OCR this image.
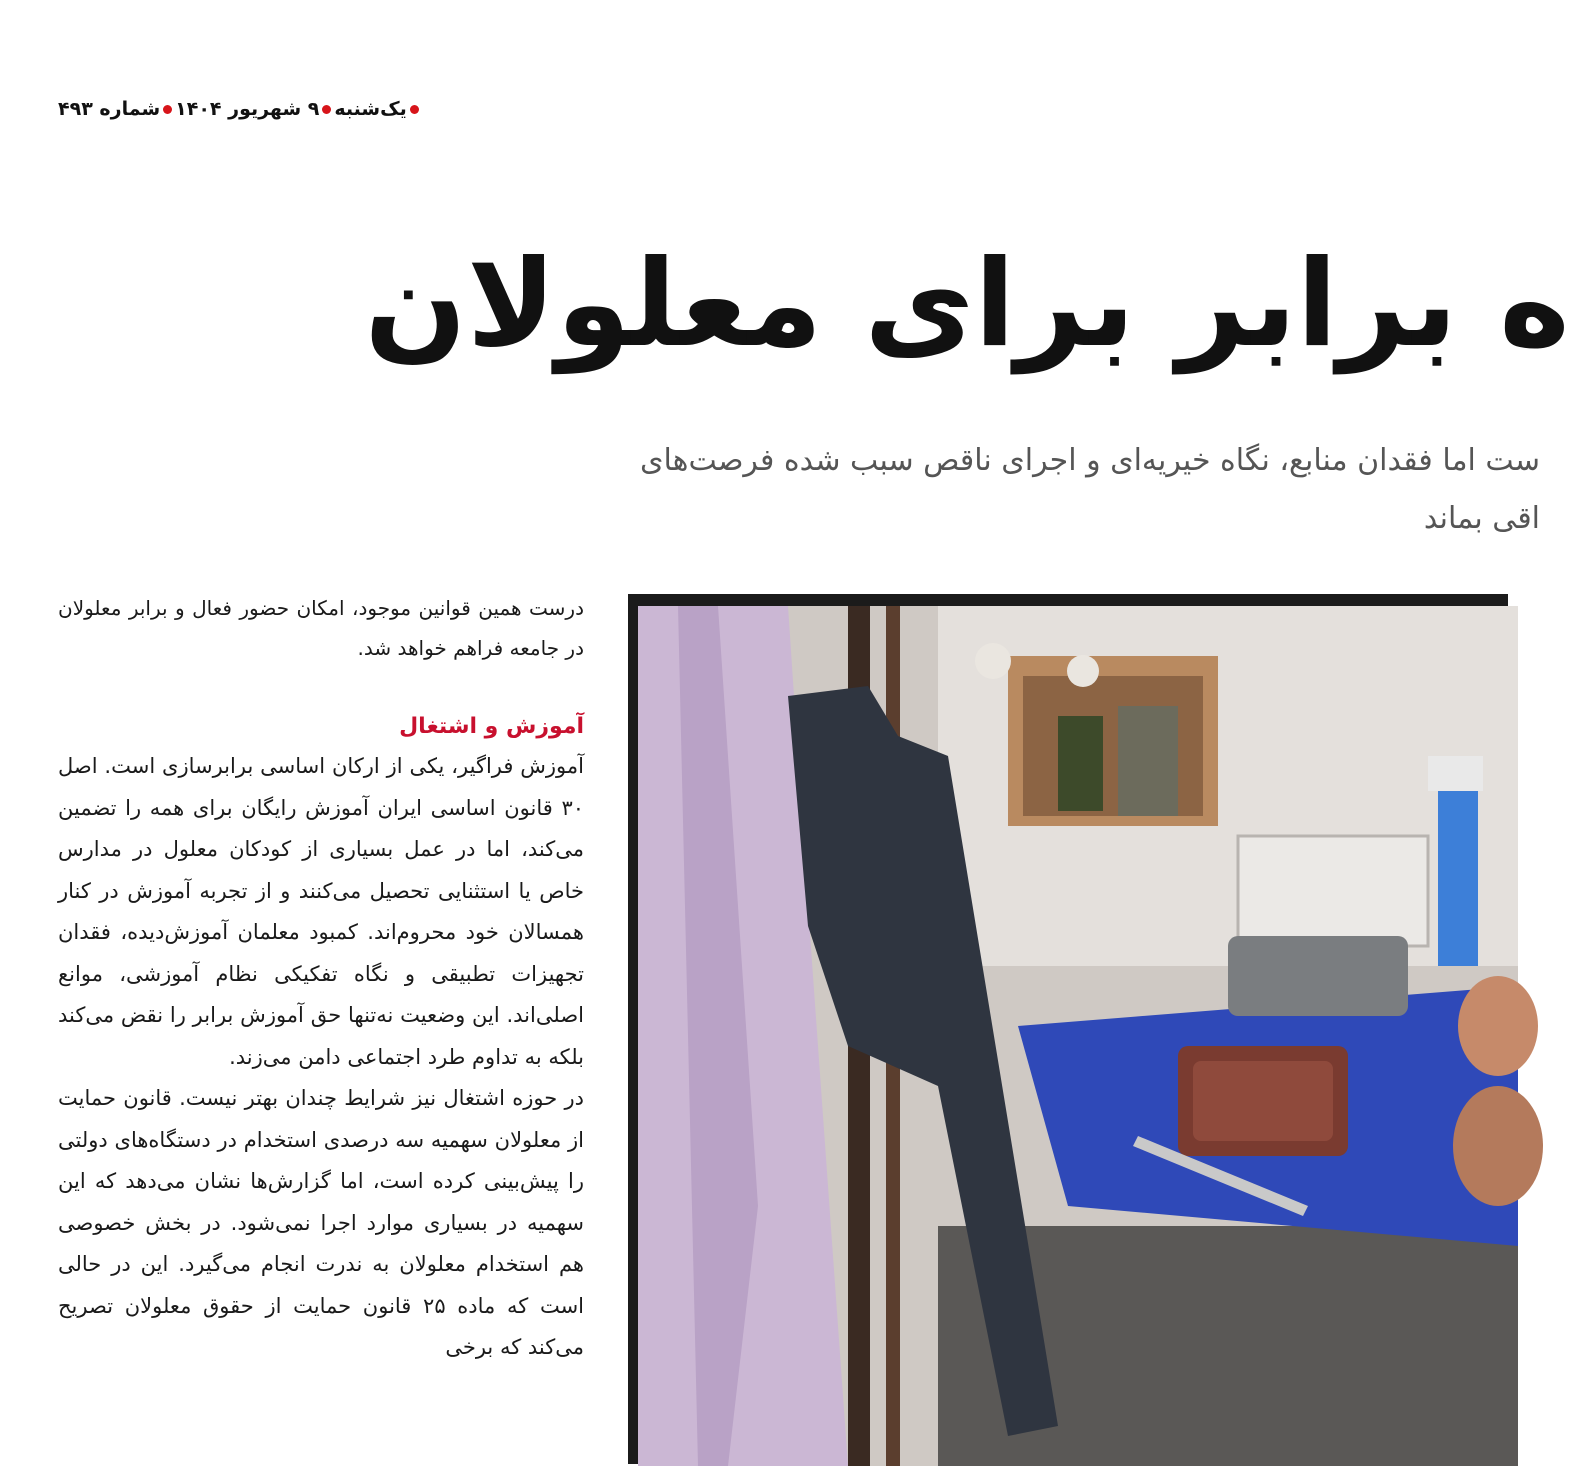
یک‌شنبه۹ شهریور ۱۴۰۴شماره ۴۹۳
ه برابر برای معلولان
ست اما فقدان منابع، نگاه خیریه‌ای و اجرای ناقص سبب شده فرصت‌های
اقی بماند

درست همین قوانین موجود، امکان حضور فعال و برابر معلولان در جامعه فراهم خواهد شد.

آموزش و اشتغال

آموزش فراگیر، یکی از ارکان اساسی برابرسازی است. اصل ۳۰ قانون اساسی ایران آموزش رایگان برای همه را تضمین می‌کند، اما در عمل بسیاری از کودکان معلول در مدارس خاص یا استثنایی تحصیل می‌کنند و از تجربه آموزش در کنار همسالان خود محروم‌اند. کمبود معلمان آموزش‌دیده، فقدان تجهیزات تطبیقی و نگاه تفکیکی نظام آموزشی، موانع اصلی‌اند. این وضعیت نه‌تنها حق آموزش برابر را نقض می‌کند بلکه به تداوم طرد اجتماعی دامن می‌زند.

در حوزه اشتغال نیز شرایط چندان بهتر نیست. قانون حمایت از معلولان سهمیه سه درصدی استخدام در دستگاه‌های دولتی را پیش‌بینی کرده است، اما گزارش‌ها نشان می‌دهد که این سهمیه در بسیاری موارد اجرا نمی‌شود. در بخش خصوصی هم استخدام معلولان به ندرت انجام می‌گیرد. این در حالی است که ماده ۲۵ قانون حمایت از حقوق معلولان تصریح می‌کند که برخی
